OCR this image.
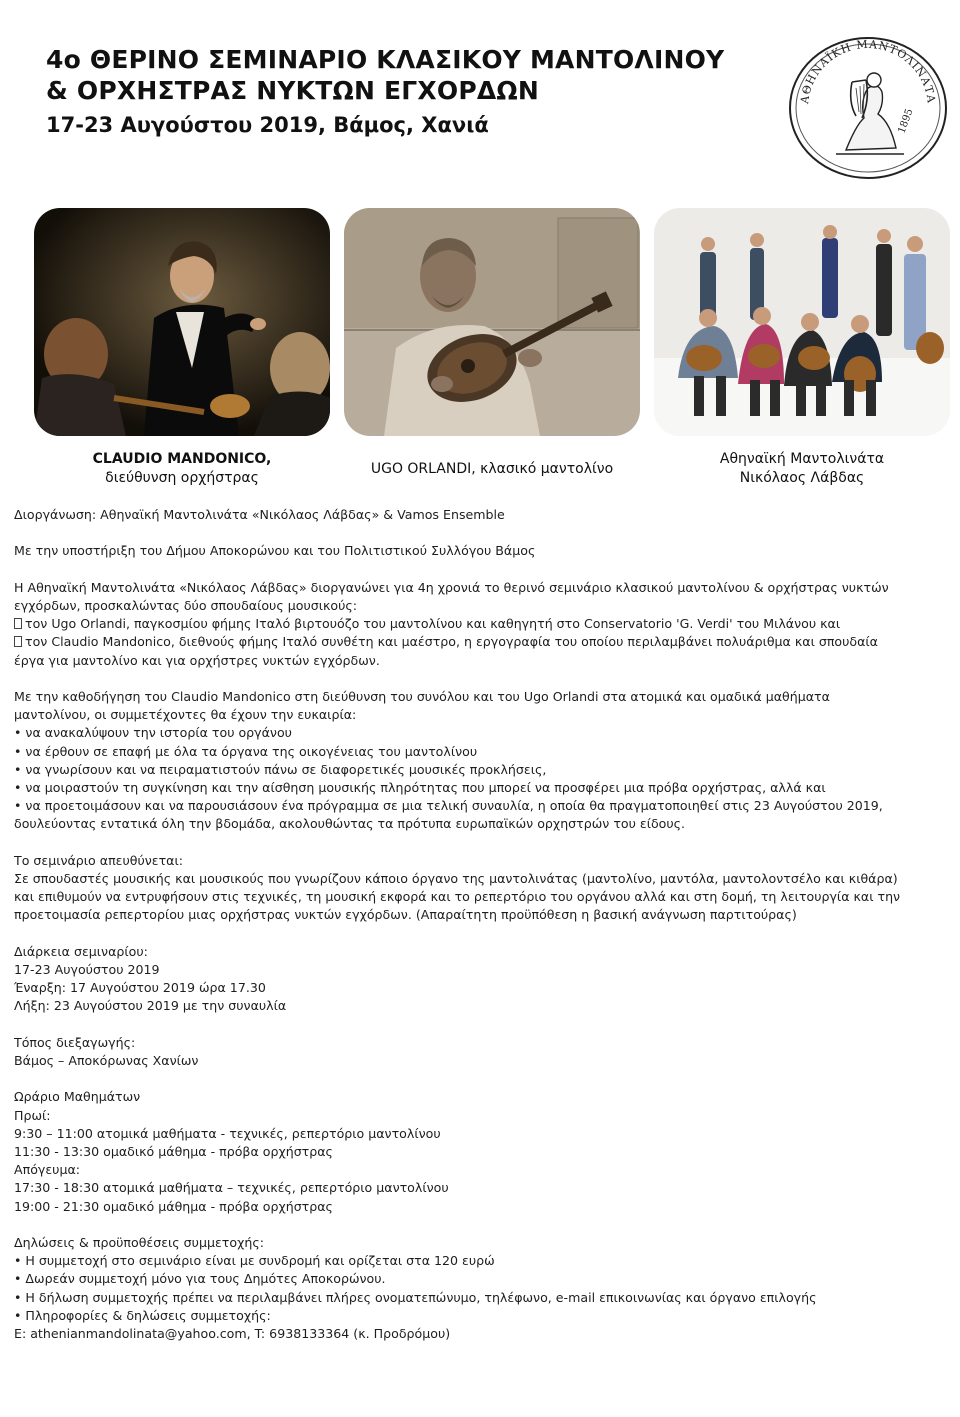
4ο ΘΕΡΙΝΟ ΣΕΜΙΝΑΡΙΟ ΚΛΑΣΙΚΟΥ ΜΑΝΤΟΛΙΝΟΥ
& ΟΡΧΗΣΤΡΑΣ ΝΥΚΤΩΝ ΕΓΧΟΡΔΩΝ
17-23 Αυγούστου 2019, Βάμος, Χανιά
ΑΘΗΝΑΪΚΗ ΜΑΝΤΟΛΙΝΑΤΑ
1895
CLAUDIO MANDONICO,
διεύθυνση ορχήστρας
UGO ORLANDI, κλασικό μαντολίνο
Αθηναϊκή Μαντολινάτα
Νικόλαος Λάβδας

Διοργάνωση: Αθηναϊκή Μαντολινάτα «Νικόλαος Λάβδας» & Vamos Ensemble

Με την υποστήριξη του Δήμου Αποκορώνου και του Πολιτιστικού Συλλόγου Βάμος

Η Αθηναϊκή Μαντολινάτα «Νικόλαος Λάβδας» διοργανώνει για 4η χρονιά το θερινό σεμινάριο κλασικού μαντολίνου & ορχήστρας νυκτών
εγχόρδων, προσκαλώντας δύο σπουδαίους μουσικούς:
τον Ugo Orlandi, παγκοσμίου φήμης Ιταλό βιρτουόζο του μαντολίνου και καθηγητή στο Conservatorio 'G. Verdi' του Μιλάνου και
τον Claudio Mandonico, διεθνούς φήμης Ιταλό συνθέτη και μαέστρο, η εργογραφία του οποίου περιλαμβάνει πολυάριθμα και σπουδαία
έργα για μαντολίνο και για ορχήστρες νυκτών εγχόρδων.

Με την καθοδήγηση του Claudio Mandonico στη διεύθυνση του συνόλου και του Ugo Orlandi στα ατομικά και ομαδικά μαθήματα
μαντολίνου, οι συμμετέχοντες θα έχουν την ευκαιρία:
• να ανακαλύψουν την ιστορία του οργάνου
• να έρθουν σε επαφή με όλα τα όργανα της οικογένειας του μαντολίνου
• να γνωρίσουν και να πειραματιστούν πάνω σε διαφορετικές μουσικές προκλήσεις,
• να μοιραστούν τη συγκίνηση και την αίσθηση μουσικής πληρότητας που μπορεί να προσφέρει μια πρόβα ορχήστρας, αλλά και
• να προετοιμάσουν και να παρουσιάσουν ένα πρόγραμμα σε μια τελική συναυλία, η οποία θα πραγματοποιηθεί στις 23 Αυγούστου 2019,
δουλεύοντας εντατικά όλη την βδομάδα, ακολουθώντας τα πρότυπα ευρωπαϊκών ορχηστρών του είδους.

Το σεμινάριο απευθύνεται:
Σε σπουδαστές μουσικής και μουσικούς που γνωρίζουν κάποιο όργανο της μαντολινάτας (μαντολίνο, μαντόλα, μαντολοντσέλο και κιθάρα)
και επιθυμούν να εντρυφήσουν στις τεχνικές, τη μουσική εκφορά και το ρεπερτόριο του οργάνου αλλά και στη δομή, τη λειτουργία και την
προετοιμασία ρεπερτορίου μιας ορχήστρας νυκτών εγχόρδων. (Απαραίτητη προϋπόθεση η βασική ανάγνωση παρτιτούρας)

Διάρκεια σεμιναρίου:
17-23 Αυγούστου 2019
Έναρξη: 17 Αυγούστου 2019 ώρα 17.30
Λήξη: 23 Αυγούστου 2019 με την συναυλία

Τόπος διεξαγωγής:
Βάμος – Αποκόρωνας Χανίων

Ωράριο Μαθημάτων
Πρωί:
9:30 – 11:00 ατομικά μαθήματα - τεχνικές, ρεπερτόριο μαντολίνου
11:30 - 13:30 ομαδικό μάθημα - πρόβα ορχήστρας
Απόγευμα:
17:30 - 18:30 ατομικά μαθήματα – τεχνικές, ρεπερτόριο μαντολίνου
19:00 - 21:30 ομαδικό μάθημα - πρόβα ορχήστρας

Δηλώσεις & προϋποθέσεις συμμετοχής:
• Η συμμετοχή στο σεμινάριο είναι με συνδρομή και ορίζεται στα 120 ευρώ
• Δωρεάν συμμετοχή μόνο για τους Δημότες Αποκορώνου.
• Η δήλωση συμμετοχής πρέπει να περιλαμβάνει πλήρες ονοματεπώνυμο, τηλέφωνο, e-mail επικοινωνίας και όργανο επιλογής
• Πληροφορίες & δηλώσεις συμμετοχής:
E: athenianmandolinata@yahoo.com, T: 6938133364 (κ. Προδρόμου)
